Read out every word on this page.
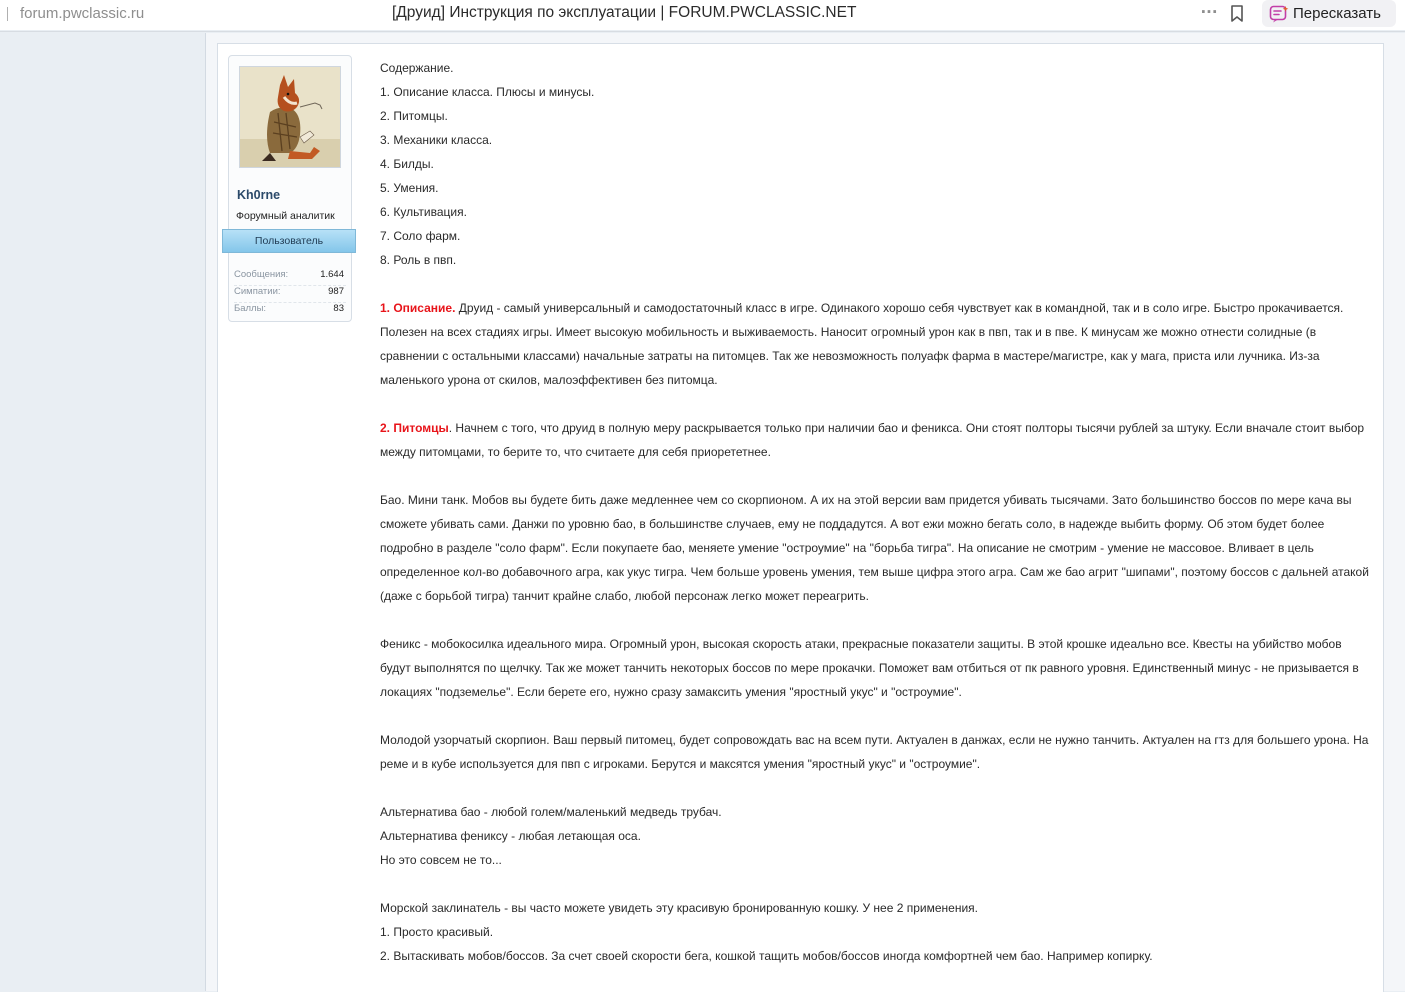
forum.pwclassic.ru	[Друид] Инструкция по эксплуатации | FORUM.PWCLASSIC.NET	···	Пересказать
Kh0rne
Форумный аналитик
Пользователь
Сообщения:	1.644
Симпатии:	987
Баллы:	83
Содержание.
1. Описание класса. Плюсы и минусы.
2. Питомцы.
3. Механики класса.
4. Билды.
5. Умения.
6. Культивация.
7. Соло фарм.
8. Роль в пвп.
1. Описание. Друид - самый универсальный и самодостаточный класс в игре. Одинакого хорошо себя чувствует как в командной, так и в соло игре. Быстро прокачивается.
Полезен на всех стадиях игры. Имеет высокую мобильность и выживаемость. Наносит огромный урон как в пвп, так и в пве. К минусам же можно отнести солидные (в
сравнении с остальными классами) начальные затраты на питомцев. Так же невозможность полуафк фарма в мастере/магистре, как у мага, приста или лучника. Из-за
маленького урона от скилов, малоэффективен без питомца.
2. Питомцы. Начнем с того, что друид в полную меру раскрывается только при наличии бао и феникса. Они стоят полторы тысячи рублей за штуку. Если вначале стоит выбор
между питомцами, то берите то, что считаете для себя приорететнее.
Бао. Мини танк. Мобов вы будете бить даже медленнее чем со скорпионом. А их на этой версии вам придется убивать тысячами. Зато большинство боссов по мере кача вы
сможете убивать сами. Данжи по уровню бао, в большинстве случаев, ему не поддадутся. А вот ежи можно бегать соло, в надежде выбить форму. Об этом будет более
подробно в разделе "соло фарм". Если покупаете бао, меняете умение "остроумие" на "борьба тигра". На описание не смотрим - умение не массовое. Вливает в цель
определенное кол-во добавочного агра, как укус тигра. Чем больше уровень умения, тем выше цифра этого агра. Сам же бао агрит "шипами", поэтому боссов с дальней атакой
(даже с борьбой тигра) танчит крайне слабо, любой персонаж легко может переагрить.
Феникс - мобокосилка идеального мира. Огромный урон, высокая скорость атаки, прекрасные показатели защиты. В этой крошке идеально все. Квесты на убийство мобов
будут выполнятся по щелчку. Так же может танчить некоторых боссов по мере прокачки. Поможет вам отбиться от пк равного уровня. Единственный минус - не призывается в
локациях "подземелье". Если берете его, нужно сразу замаксить умения "яростный укус" и "остроумие".
Молодой узорчатый скорпион. Ваш первый питомец, будет сопровождать вас на всем пути. Актуален в данжах, если не нужно танчить. Актуален на гтз для большего урона. На
реме и в кубе используется для пвп с игроками. Берутся и максятся умения "яростный укус" и "остроумие".
Альтернатива бао - любой голем/маленький медведь трубач.
Альтернатива фениксу - любая летающая оса.
Но это совсем не то...
Морской заклинатель - вы часто можете увидеть эту красивую бронированную кошку. У нее 2 применения.
1. Просто красивый.
2. Вытаскивать мобов/боссов. За счет своей скорости бега, кошкой тащить мобов/боссов иногда комфортней чем бао. Например копирку.
